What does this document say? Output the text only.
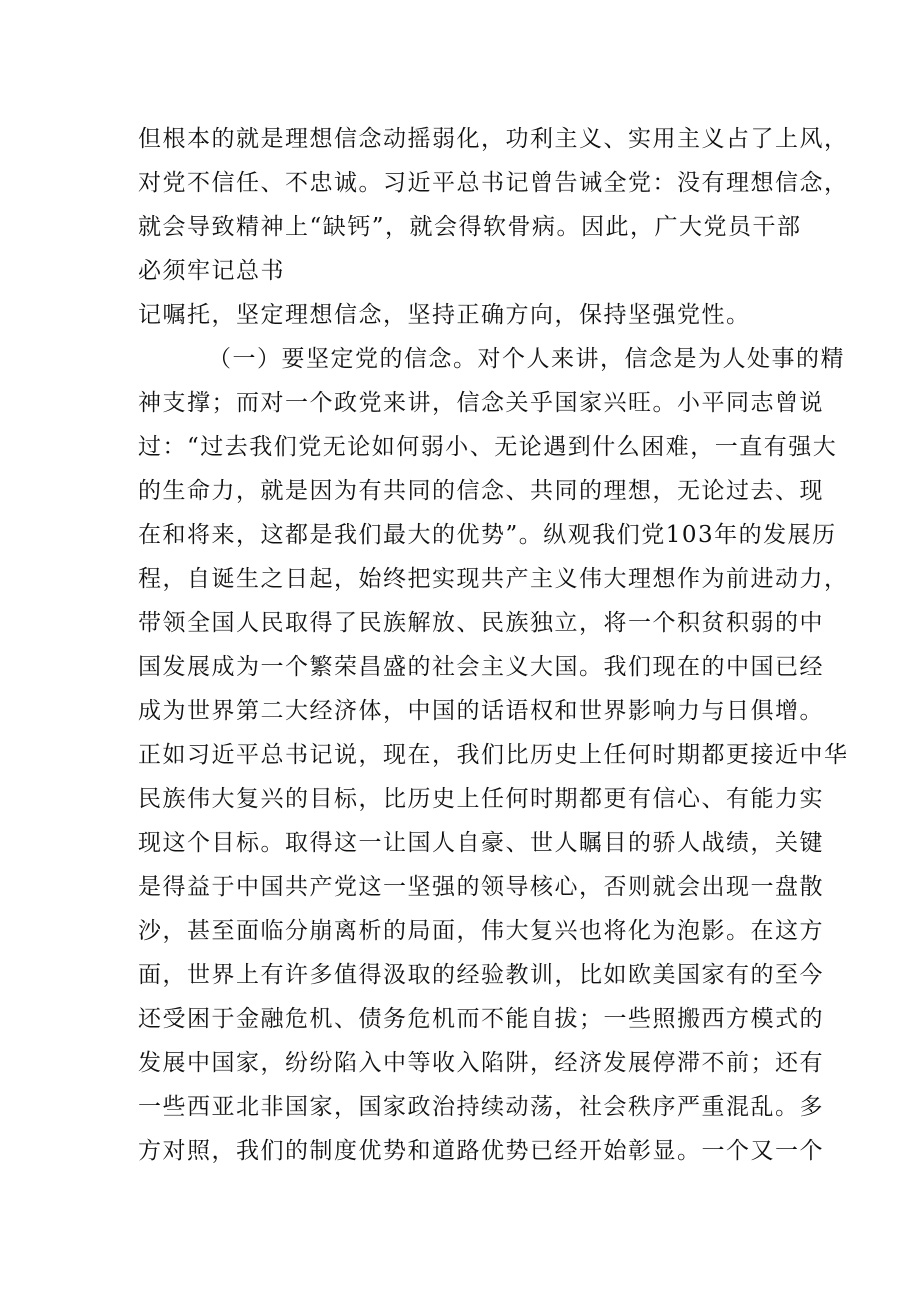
但根本的就是理想信念动摇弱化，功利主义、实用主义占了上风，
对党不信任、不忠诚。习近平总书记曾告诫全党：没有理想信念，
就会导致精神上“缺钙”，就会得软骨病。因此，广大党员干部
必须牢记总书
记嘱托，坚定理想信念，坚持正确方向，保持坚强党性。
（一）要坚定党的信念。对个人来讲，信念是为人处事的精
神支撑；而对一个政党来讲，信念关乎国家兴旺。小平同志曾说
过：“过去我们党无论如何弱小、无论遇到什么困难，一直有强大
的生命力，就是因为有共同的信念、共同的理想，无论过去、现
在和将来，这都是我们最大的优势”。纵观我们党103年的发展历
程，自诞生之日起，始终把实现共产主义伟大理想作为前进动力，
带领全国人民取得了民族解放、民族独立，将一个积贫积弱的中
国发展成为一个繁荣昌盛的社会主义大国。我们现在的中国已经
成为世界第二大经济体，中国的话语权和世界影响力与日俱增。
正如习近平总书记说，现在，我们比历史上任何时期都更接近中华
民族伟大复兴的目标，比历史上任何时期都更有信心、有能力实
现这个目标。取得这一让国人自豪、世人瞩目的骄人战绩，关键
是得益于中国共产党这一坚强的领导核心，否则就会出现一盘散
沙，甚至面临分崩离析的局面，伟大复兴也将化为泡影。在这方
面，世界上有许多值得汲取的经验教训，比如欧美国家有的至今
还受困于金融危机、债务危机而不能自拔；一些照搬西方模式的
发展中国家，纷纷陷入中等收入陷阱，经济发展停滞不前；还有
一些西亚北非国家，国家政治持续动荡，社会秩序严重混乱。多
方对照，我们的制度优势和道路优势已经开始彰显。一个又一个
